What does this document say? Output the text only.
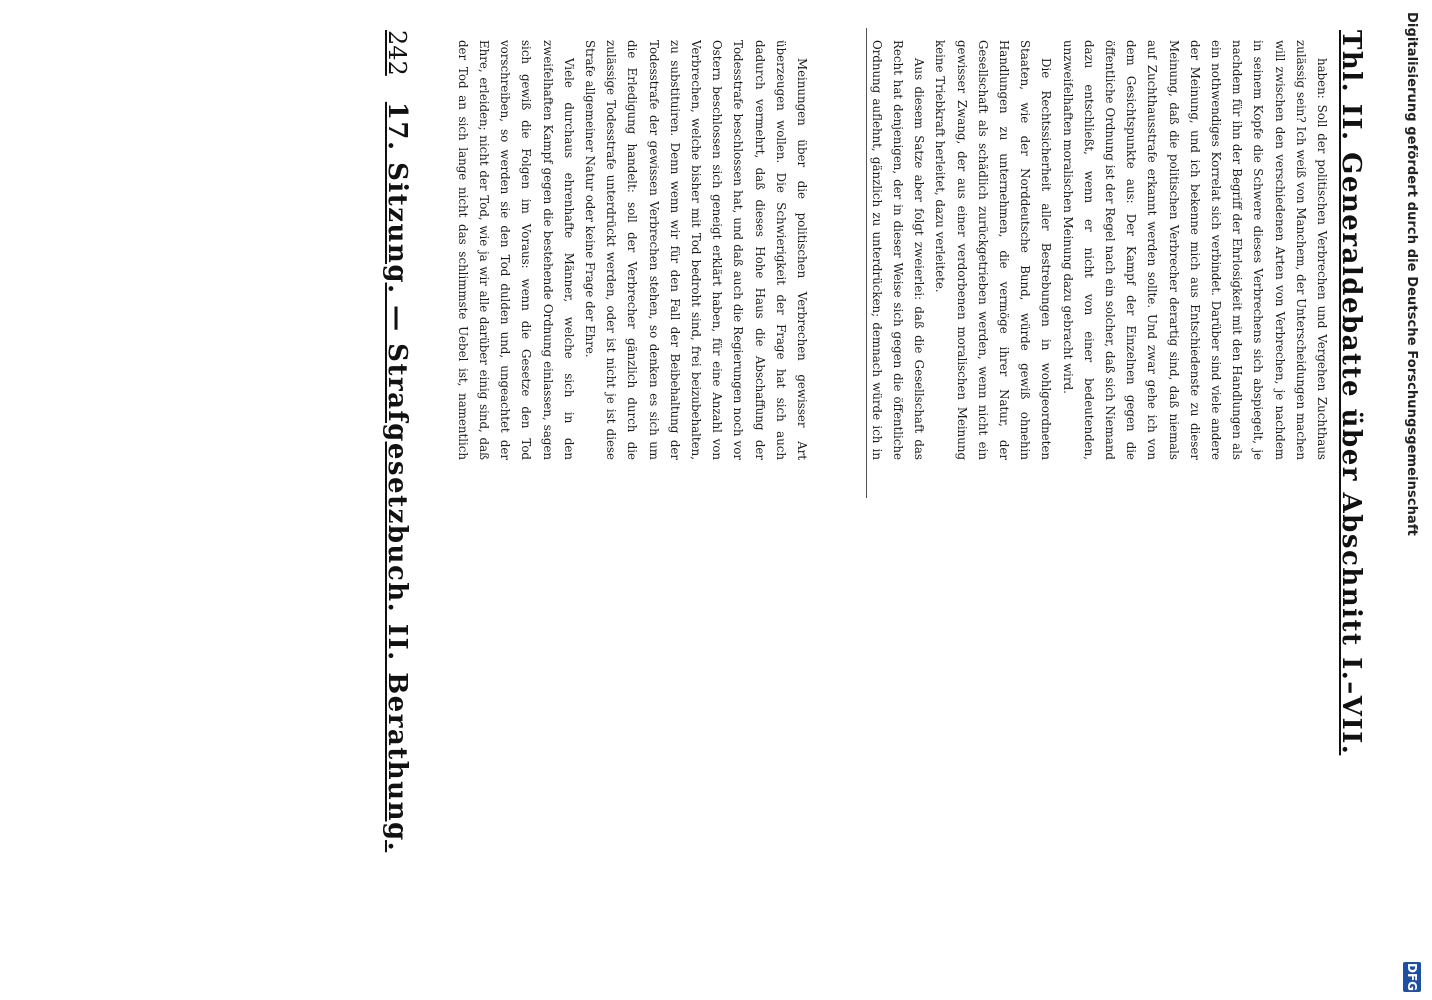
Digitalisierung gefördert durch die Deutsche Forschungsgemeinschaft
DFG
Thl. II. Generaldebatte über Abschnitt I.–VII.

haben: Soll der politischen Verbrechen und Vergehen Zuchthaus zulässig sein? Ich weiß von Manchem, der Unterscheidungen machen will zwischen den verschiedenen Arten von Verbrechen, je nachdem in seinem Kopfe die Schwere dieses Verbrechens sich abspiegelt, je nachdem für ihn der Begriff der Ehrlosigkeit mit den Handlungen als ein nothwendiges Korrelat sich verbindet. Darüber sind viele andere der Meinung, und ich bekenne mich aus Entschiedenste zu dieser Meinung, daß die politischen Verbrecher derartig sind, daß niemals auf Zuchthausstrafe erkannt werden sollte. Und zwar gehe ich von dem Gesichtspunkte aus: Der Kampf der Einzelnen gegen die öffentliche Ordnung ist der Regel nach ein solcher, daß sich Niemand dazu entschließt, wenn er nicht von einer bedeutenden, unzweifelhaften moralischen Meinung dazu gebracht wird.

Die Rechtssicherheit aller Bestrebungen in wohlgeordneten Staaten, wie der Norddeutsche Bund, würde gewiß ohnehin Handlungen zu unternehmen, die vermöge ihrer Natur, der Gesellschaft als schädlich zurückgetrieben werden, wenn nicht ein gewisser Zwang, der aus einer verdorbenen moralischen Meinung keine Triebkraft herleitet, dazu verleitete.

Aus diesem Satze aber folgt zweierlei: daß die Gesellschaft das Recht hat denjenigen, der in dieser Weise sich gegen die öffentliche Ordnung auflehnt, gänzlich zu unterdrücken; demnach würde ich in

Meinungen über die politischen Verbrechen gewisser Art überzeugen wollen. Die Schwierigkeit der Frage hat sich auch dadurch vermehrt, daß dieses Hohe Haus die Abschaffung der Todesstrafe beschlossen hat, und daß auch die Regierungen noch vor Ostern beschlossen sich geneigt erklärt haben, für eine Anzahl von Verbrechen, welche bisher mit Tod bedroht sind, frei beizubehalten, zu substituiren. Denn wenn wir für den Fall der Beibehaltung der Todesstrafe der gewissen Verbrechen stehen, so denken es sich um die Erledigung handelt: soll der Verbrecher gänzlich durch die zulässige Todesstrafe unterdrückt werden, oder ist nicht je ist diese Strafe allgemeiner Natur oder keine Frage der Ehre.

Viele durchaus ehrenhafte Männer, welche sich in den zweifelhaften Kampf gegen die bestehende Ordnung einlassen, sagen sich gewiß die Folgen im Voraus: wenn die Gesetze den Tod vorschreiben, so werden sie den Tod dulden und, ungeachtet der Ehre, erleiden; nicht der Tod, wie ja wir alle darüber einig sind, daß der Tod an sich lange nicht das schlimmste Uebel ist, namentlich

242
17. Sitzung. — Strafgesetzbuch. II. Berathung.
